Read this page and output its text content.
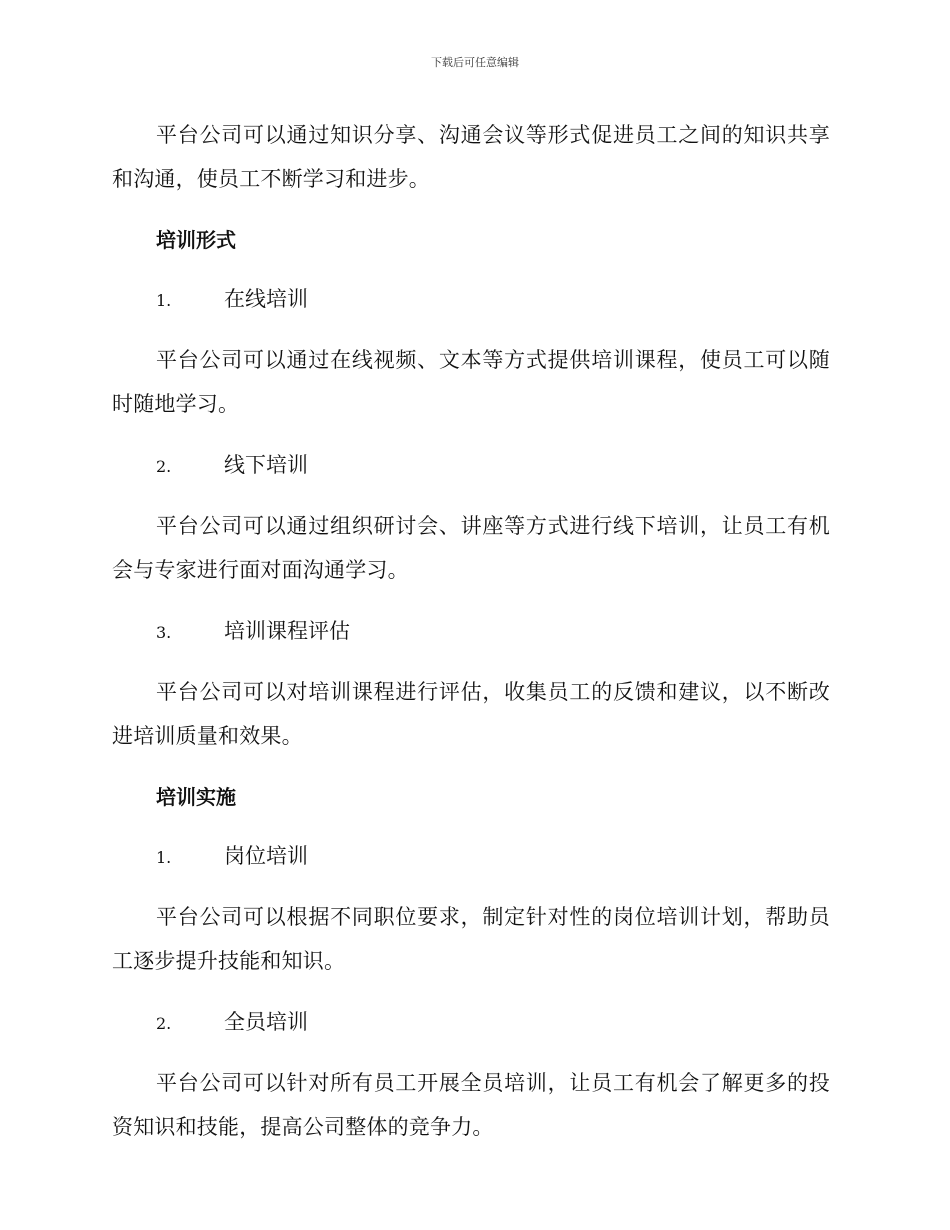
下载后可任意编辑

平台公司可以通过知识分享、沟通会议等形式促进员工之间的知识共享和沟通，使员工不断学习和进步。

培训形式
1.	在线培训

平台公司可以通过在线视频、文本等方式提供培训课程，使员工可以随时随地学习。

2.	线下培训

平台公司可以通过组织研讨会、讲座等方式进行线下培训，让员工有机会与专家进行面对面沟通学习。

3.	培训课程评估

平台公司可以对培训课程进行评估，收集员工的反馈和建议，以不断改进培训质量和效果。

培训实施
1.	岗位培训

平台公司可以根据不同职位要求，制定针对性的岗位培训计划，帮助员工逐步提升技能和知识。

2.	全员培训

平台公司可以针对所有员工开展全员培训，让员工有机会了解更多的投资知识和技能，提高公司整体的竞争力。
